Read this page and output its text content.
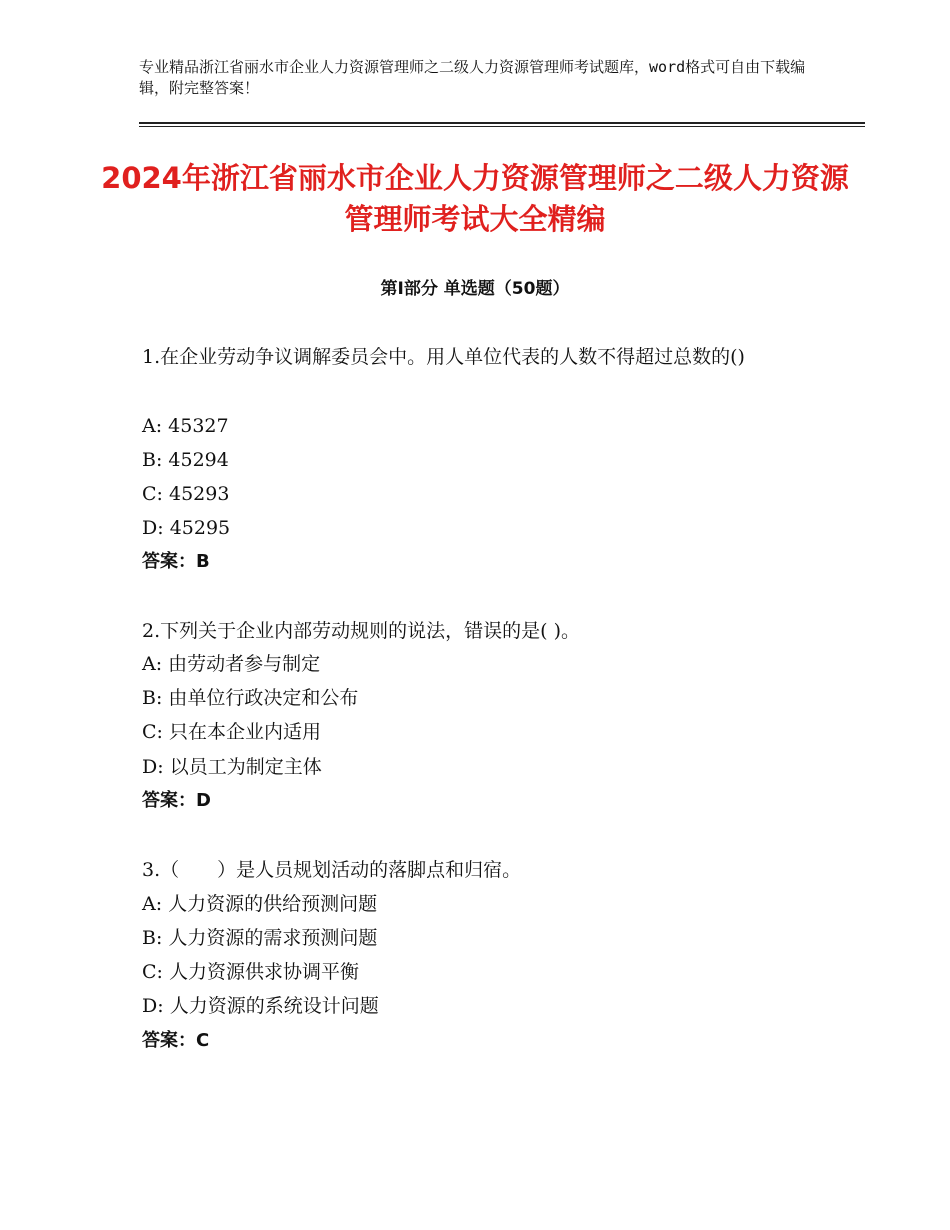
专业精品浙江省丽水市企业人力资源管理师之二级人力资源管理师考试题库，word格式可自由下载编辑，附完整答案！
2024年浙江省丽水市企业人力资源管理师之二级人力资源管理师考试大全精编
第Ⅰ部分 单选题（50题）
1.在企业劳动争议调解委员会中。用人单位代表的人数不得超过总数的()
A: 45327
B: 45294
C: 45293
D: 45295
答案：B
2.下列关于企业内部劳动规则的说法，错误的是( )。
A: 由劳动者参与制定
B: 由单位行政决定和公布
C: 只在本企业内适用
D: 以员工为制定主体
答案：D
3.（　　）是人员规划活动的落脚点和归宿。
A: 人力资源的供给预测问题
B: 人力资源的需求预测问题
C: 人力资源供求协调平衡
D: 人力资源的系统设计问题
答案：C
